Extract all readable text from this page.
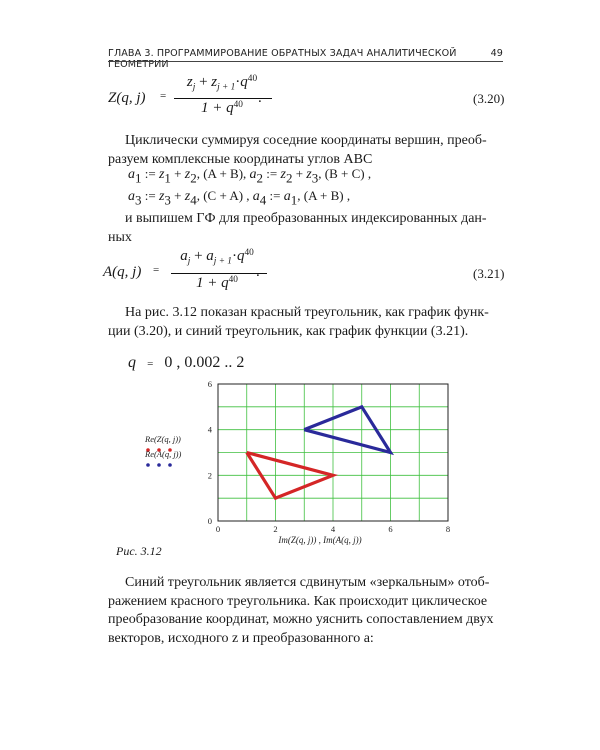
ГЛАВА 3. ПРОГРАММИРОВАНИЕ ОБРАТНЫХ ЗАДАЧ АНАЛИТИЧЕСКОЙ ГЕОМЕТРИИ
49
Z(q, j) =
$z_j + z_{j + 1}\cdot q^{40}$
$1 + q^{40}$	.	(3.20)
Циклически суммируя соседние координаты вершин, преоб-
разуем комплексные координаты углов ABC
a1 := z1 + z2, (A + B), a2 := z2 + z3, (B + C) ,
a3 := z3 + z4, (C + A) , a4 := a1, (A + B) ,
и выпишем ГФ для преобразованных индексированных дан-
ных
A(q, j) =
$a_j + a_{j + 1}\cdot q^{40}$
$1 + q^{40}$	.	(3.21)
На рис. 3.12 показан красный треугольник, как график функ-
ции (3.20), и синий треугольник, как график функции (3.21).
q = 0 , 0.002 .. 2
Re(Z(q, j))
Re(A(q, j))
0	2	4	6	8
0
2
4
6
Im(Z(q, j)) , Im(A(q, j))
Рис. 3.12
Синий треугольник является сдвинутым «зеркальным» отоб-
ражением красного треугольника. Как происходит циклическое
преобразование координат, можно уяснить сопоставлением двух
векторов, исходного z и преобразованного a:
